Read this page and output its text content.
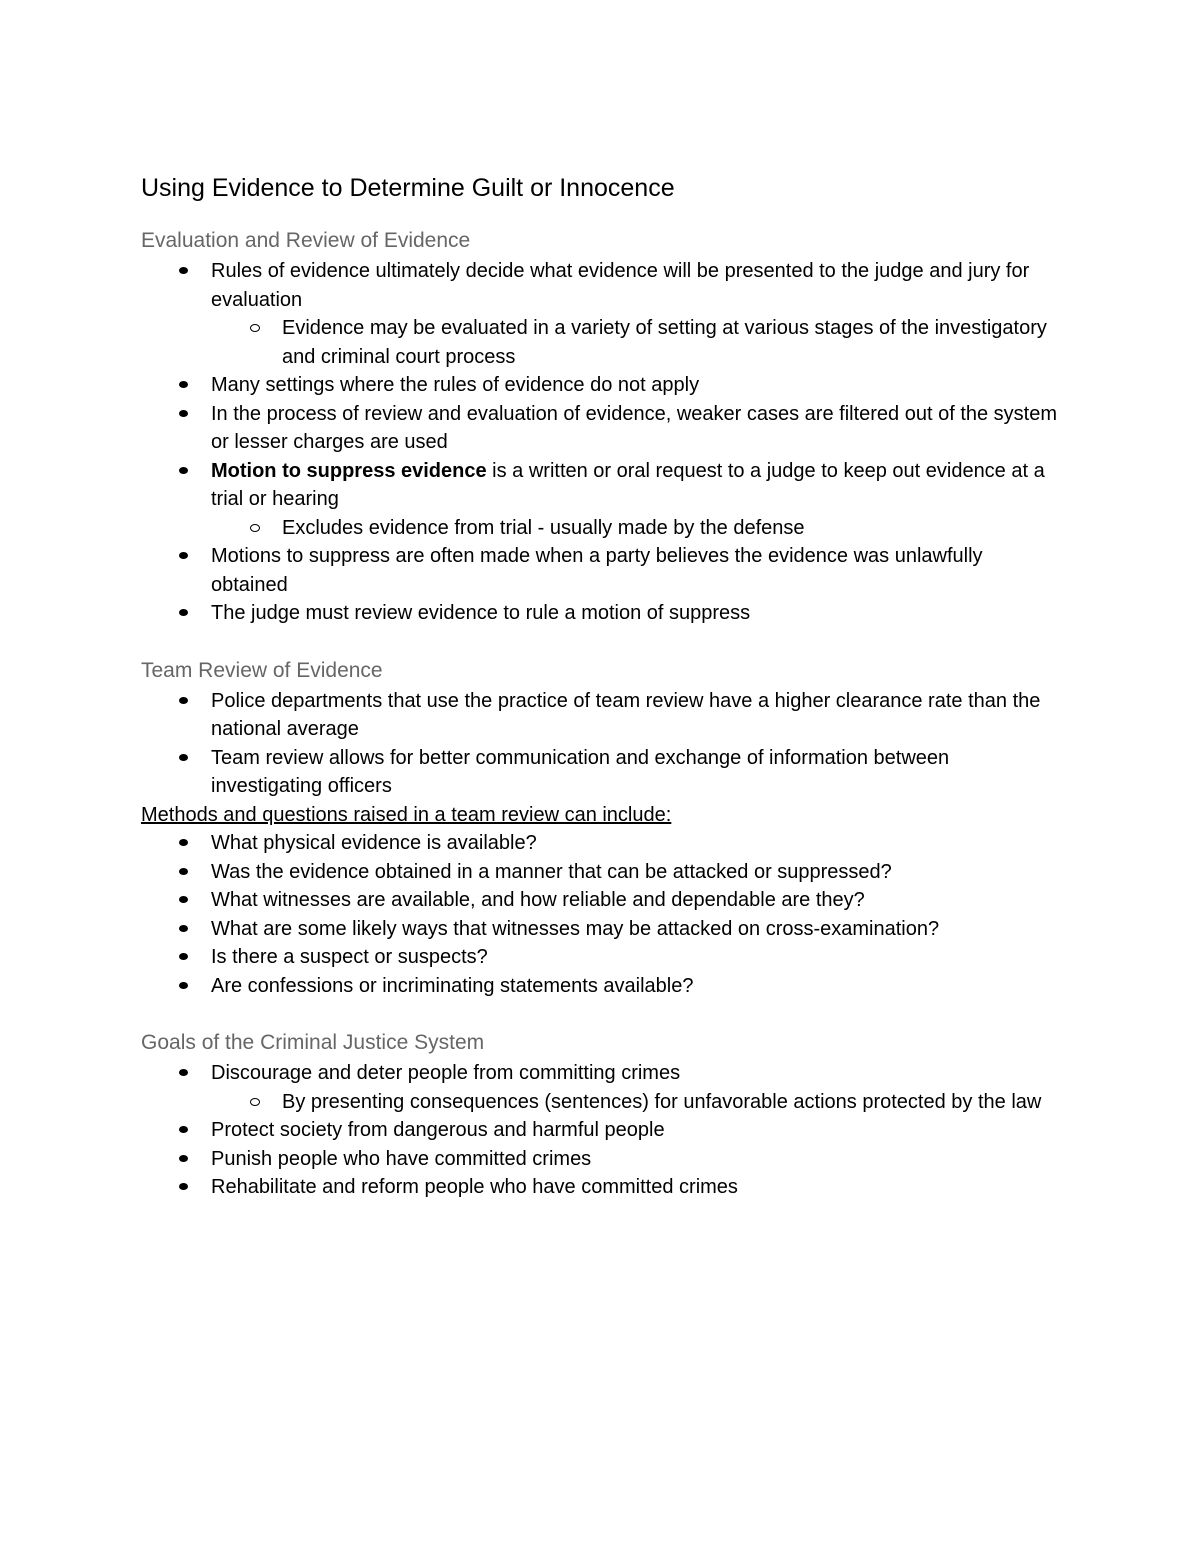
Using Evidence to Determine Guilt or Innocence
Evaluation and Review of Evidence
Rules of evidence ultimately decide what evidence will be presented to the judge and jury for evaluation
Evidence may be evaluated in a variety of setting at various stages of the investigatory and criminal court process
Many settings where the rules of evidence do not apply
In the process of review and evaluation of evidence, weaker cases are filtered out of the system or lesser charges are used
Motion to suppress evidence is a written or oral request to a judge to keep out evidence at a trial or hearing
Excludes evidence from trial - usually made by the defense
Motions to suppress are often made when a party believes the evidence was unlawfully obtained
The judge must review evidence to rule a motion of suppress
Team Review of Evidence
Police departments that use the practice of team review have a higher clearance rate than the national average
Team review allows for better communication and exchange of information between investigating officers

Methods and questions raised in a team review can include:

What physical evidence is available?
Was the evidence obtained in a manner that can be attacked or suppressed?
What witnesses are available, and how reliable and dependable are they?
What are some likely ways that witnesses may be attacked on cross-examination?
Is there a suspect or suspects?
Are confessions or incriminating statements available?
Goals of the Criminal Justice System
Discourage and deter people from committing crimes
By presenting consequences (sentences) for unfavorable actions protected by the law
Protect society from dangerous and harmful people
Punish people who have committed crimes
Rehabilitate and reform people who have committed crimes
